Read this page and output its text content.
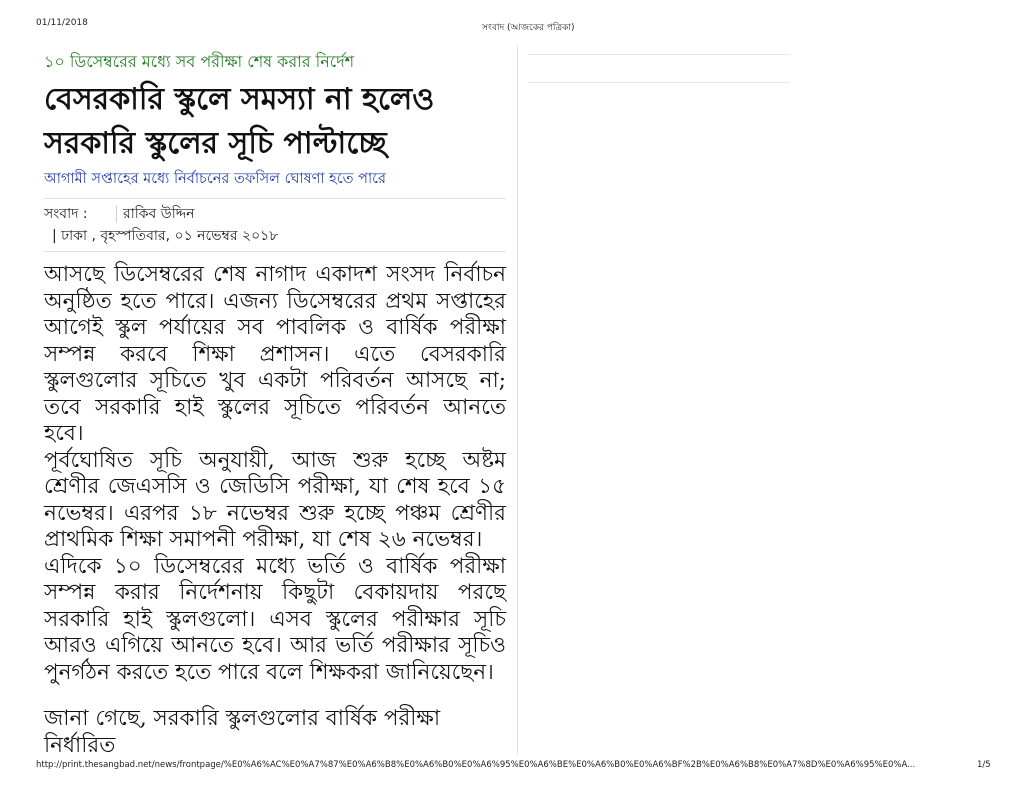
01/11/2018	সংবাদ (আজকের পত্রিকা)
১০ ডিসেম্বরের মধ্যে সব পরীক্ষা শেষ করার নির্দেশ
বেসরকারি স্কুলে সমস্যা না হলেও সরকারি স্কুলের সূচি পাল্টাচ্ছে
আগামী সপ্তাহের মধ্যে নির্বাচনের তফসিল ঘোষণা হতে পারে
সংবাদ :	রাকিব উদ্দিন
| ঢাকা , বৃহস্পতিবার, ০১ নভেম্বর ২০১৮

আসছে ডিসেম্বরের শেষ নাগাদ একাদশ সংসদ নির্বাচন অনুষ্ঠিত হতে পারে। এজন্য ডিসেম্বরের প্রথম সপ্তাহের আগেই স্কুল পর্যায়ের সব পাবলিক ও বার্ষিক পরীক্ষা সম্পন্ন করবে শিক্ষা প্রশাসন। এতে বেসরকারি স্কুলগুলোর সূচিতে খুব একটা পরিবর্তন আসছে না; তবে সরকারি হাই স্কুলের সূচিতে পরিবর্তন আনতে হবে।

পূর্বঘোষিত সূচি অনুযায়ী, আজ শুরু হচ্ছে অষ্টম শ্রেণীর জেএসসি ও জেডিসি পরীক্ষা, যা শেষ হবে ১৫ নভেম্বর। এরপর ১৮ নভেম্বর শুরু হচ্ছে পঞ্চম শ্রেণীর প্রাথমিক শিক্ষা সমাপনী পরীক্ষা, যা শেষ ২৬ নভেম্বর।

এদিকে ১০ ডিসেম্বরের মধ্যে ভর্তি ও বার্ষিক পরীক্ষা সম্পন্ন করার নির্দেশনায় কিছুটা বেকায়দায় পরছে সরকারি হাই স্কুলগুলো। এসব স্কুলের পরীক্ষার সূচি আরও এগিয়ে আনতে হবে। আর ভর্তি পরীক্ষার সূচিও পুনর্গঠন করতে হতে পারে বলে শিক্ষকরা জানিয়েছেন।

জানা গেছে, সরকারি স্কুলগুলোর বার্ষিক পরীক্ষা নির্ধারিত
http://print.thesangbad.net/news/frontpage/%E0%A6%AC%E0%A7%87%E0%A6%B8%E0%A6%B0%E0%A6%95%E0%A6%BE%E0%A6%B0%E0%A6%BF%2B%E0%A6%B8%E0%A7%8D%E0%A6%95%E0%A...	1/5
